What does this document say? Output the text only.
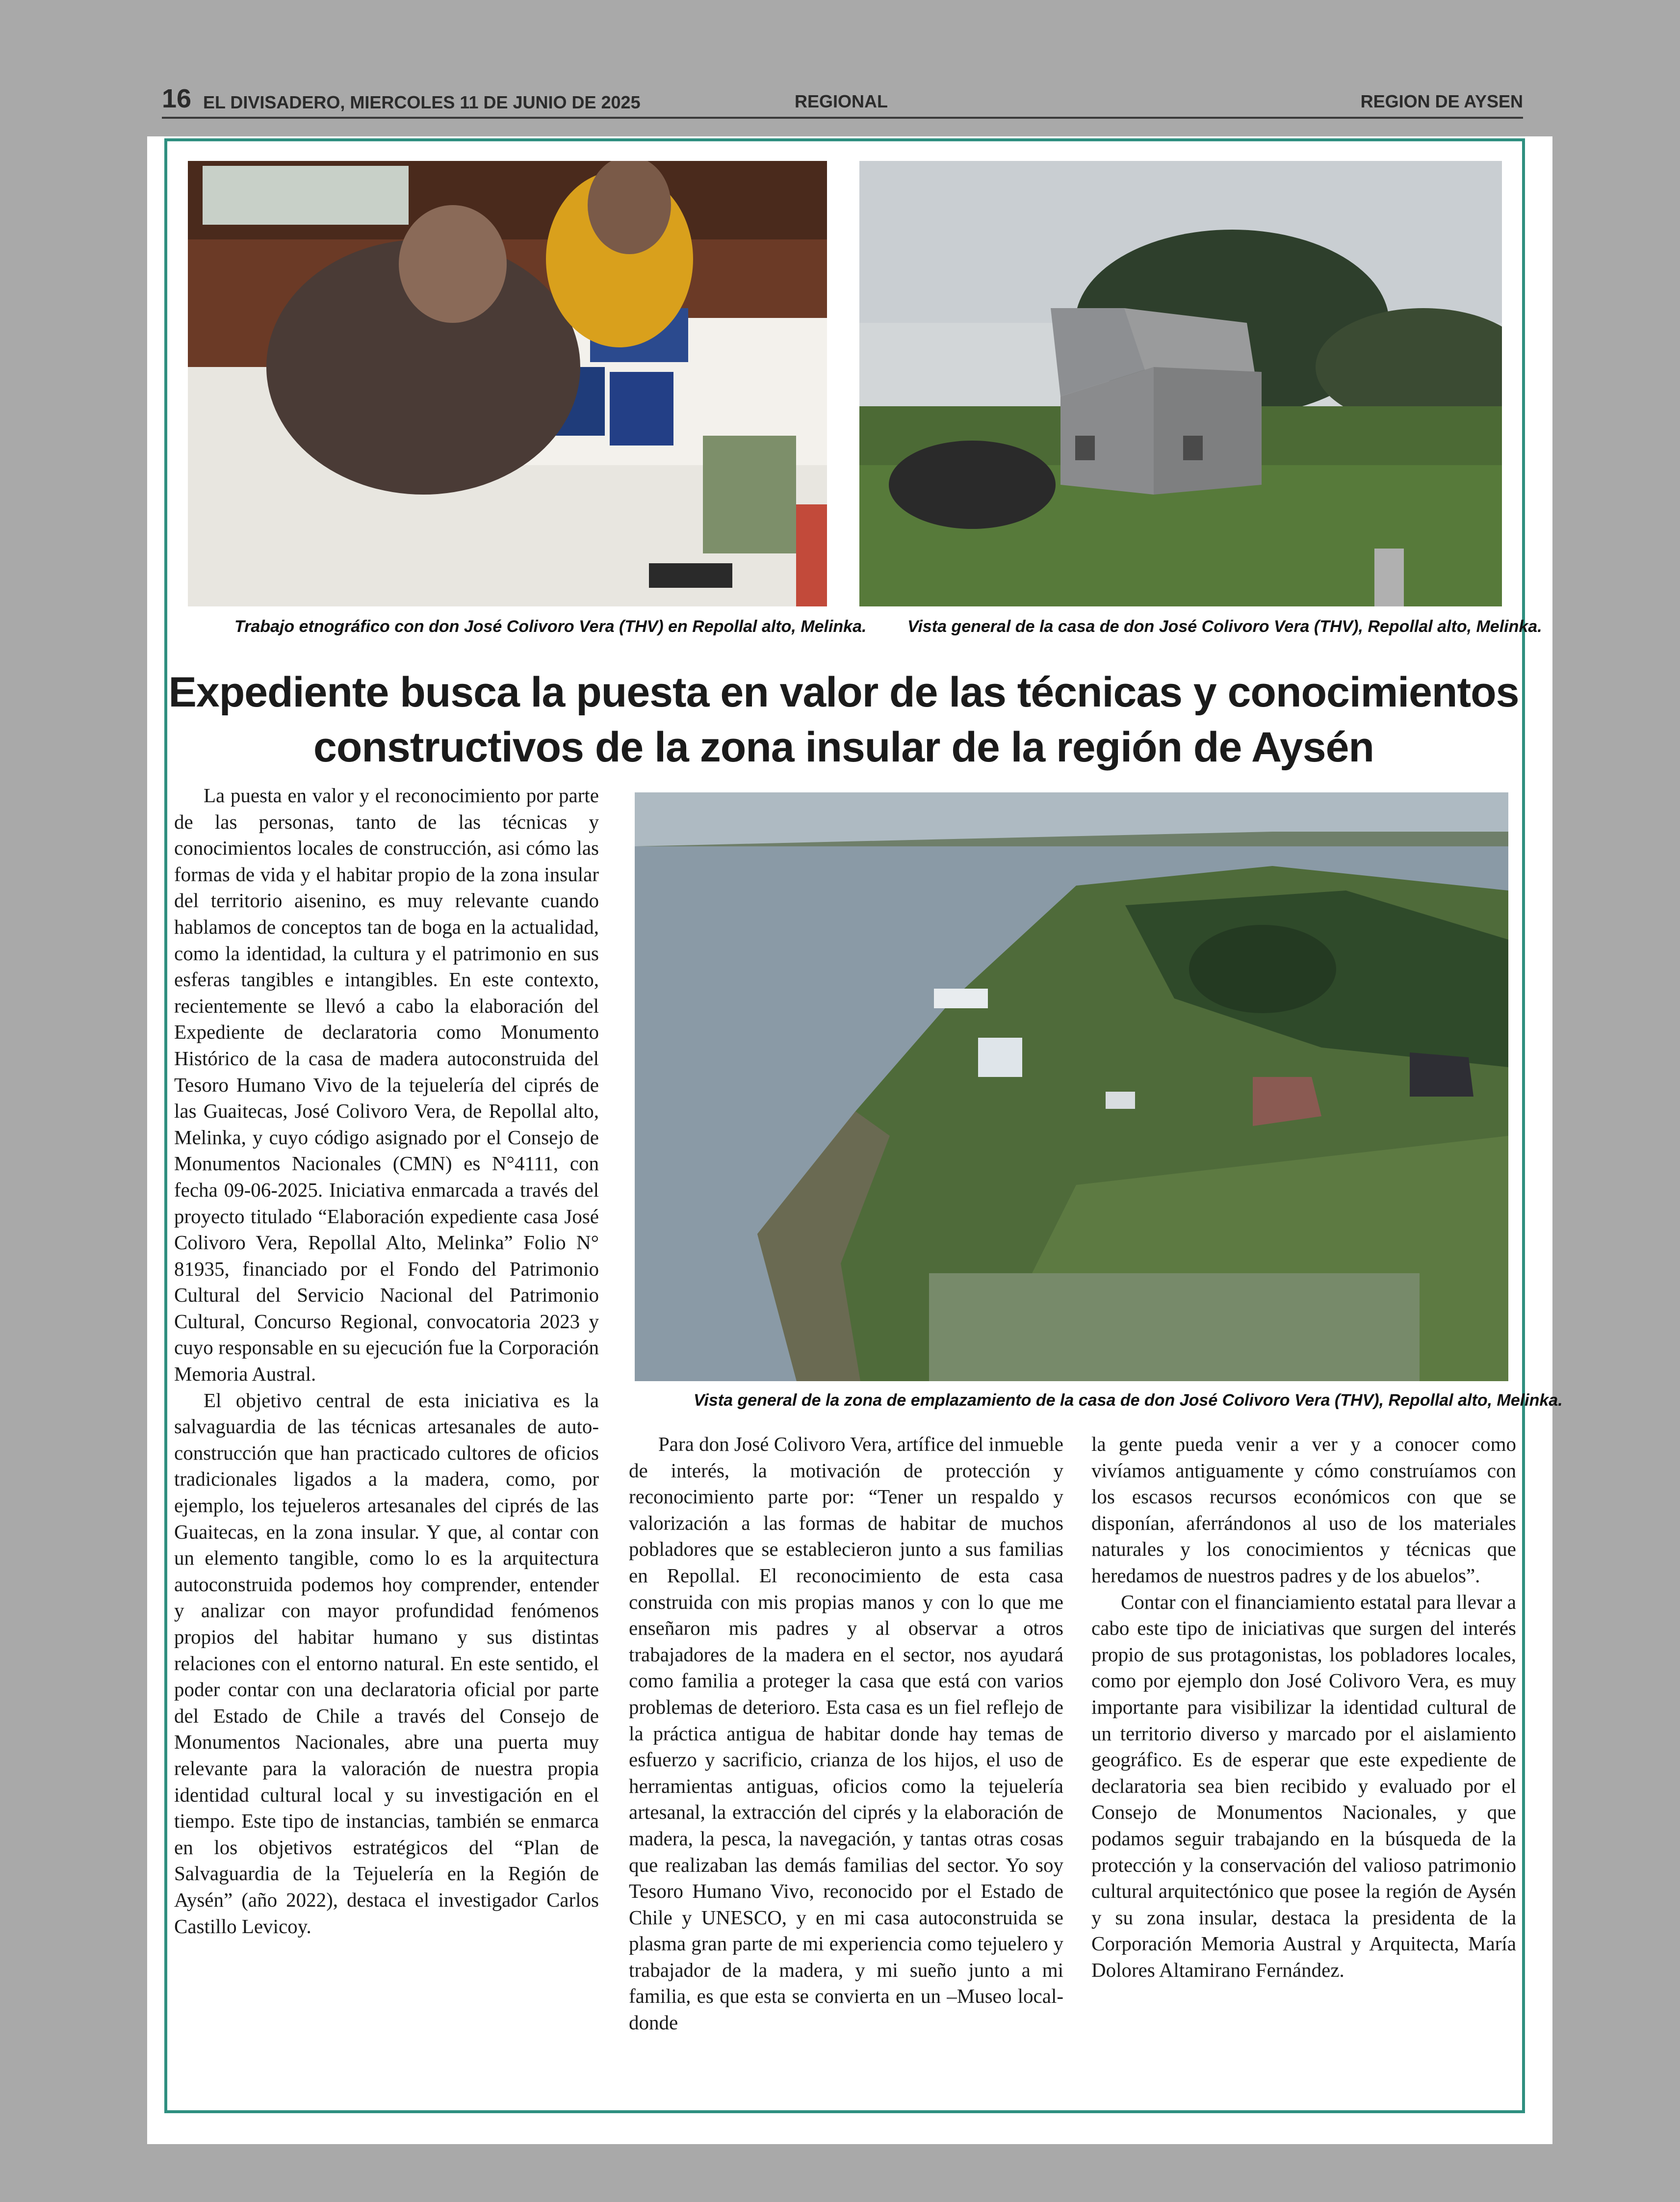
16 EL DIVISADERO, MIERCOLES 11 DE JUNIO DE 2025	REGIONAL	REGION DE AYSEN
Trabajo etnográfico con don José Colivoro Vera (THV) en Repollal alto, Melinka. Vista general de la casa de don José Colivoro Vera (THV), Repollal alto, Melinka.
Expediente busca la puesta en valor de las técnicas y conocimientos
constructivos de la zona insular de la región de Aysén
Vista general de la zona de emplazamiento de la casa de don José Colivoro Vera (THV), Repollal alto, Melinka.

La puesta en valor y el reconocimiento por parte de las personas, tanto de las técnicas y conocimientos locales de construcción, asi cómo las formas de vida y el habitar propio de la zona insular del territorio aisenino, es muy relevante cuando hablamos de conceptos tan de boga en la actualidad, como la identidad, la cultura y el patrimonio en sus esferas tangibles e intangibles. En este contexto, recientemente se llevó a cabo la elaboración del Expediente de declaratoria como Monumento Histórico de la casa de madera autoconstruida del Tesoro Humano Vivo de la tejuelería del ciprés de las Guaitecas, José Colivoro Vera, de Repollal alto, Melinka, y cuyo código asignado por el Consejo de Monumentos Nacionales (CMN) es N°4111, con fecha 09-06-2025. Iniciativa enmarcada a través del proyecto titulado “Elaboración expediente casa José Colivoro Vera, Repollal Alto, Melinka” Folio N° 81935, financiado por el Fondo del Patrimonio Cultural del Servicio Nacional del Patrimonio Cultural, Concurso Regional, convocatoria 2023 y cuyo responsable en su ejecución fue la Corporación Memoria Austral.

El objetivo central de esta iniciativa es la salvaguardia de las técnicas artesanales de auto-construcción que han practicado cultores de oficios tradicionales ligados a la madera, como, por ejemplo, los tejueleros artesanales del ciprés de las Guaitecas, en la zona insular. Y que, al contar con un elemento tangible, como lo es la arquitectura autoconstruida podemos hoy comprender, entender y analizar con mayor profundidad fenómenos propios del habitar humano y sus distintas relaciones con el entorno natural. En este sentido, el poder contar con una declaratoria oficial por parte del Estado de Chile a través del Consejo de Monumentos Nacionales, abre una puerta muy relevante para la valoración de nuestra propia identidad cultural local y su investigación en el tiempo. Este tipo de instancias, también se enmarca en los objetivos estratégicos del “Plan de Salvaguardia de la Tejuelería en la Región de Aysén” (año 2022), destaca el investigador Carlos Castillo Levicoy.

Para don José Colivoro Vera, artífice del inmueble de interés, la motivación de protección y reconocimiento parte por: “Tener un respaldo y valorización a las formas de habitar de muchos pobladores que se establecieron junto a sus familias en Repollal. El reconocimiento de esta casa construida con mis propias manos y con lo que me enseñaron mis padres y al observar a otros trabajadores de la madera en el sector, nos ayudará como familia a proteger la casa que está con varios problemas de deterioro. Esta casa es un fiel reflejo de la práctica antigua de habitar donde hay temas de esfuerzo y sacrificio, crianza de los hijos, el uso de herramientas antiguas, oficios como la tejuelería artesanal, la extracción del ciprés y la elaboración de madera, la pesca, la navegación, y tantas otras cosas que realizaban las demás familias del sector. Yo soy Tesoro Humano Vivo, reconocido por el Estado de Chile y UNESCO, y en mi casa autoconstruida se plasma gran parte de mi experiencia como tejuelero y trabajador de la madera, y mi sueño junto a mi familia, es que esta se convierta en un –Museo local- donde

la gente pueda venir a ver y a conocer como vivíamos antiguamente y cómo construíamos con los escasos recursos económicos con que se disponían, aferrándonos al uso de los materiales naturales y los conocimientos y técnicas que heredamos de nuestros padres y de los abuelos”.

Contar con el financiamiento estatal para llevar a cabo este tipo de iniciativas que surgen del interés propio de sus protagonistas, los pobladores locales, como por ejemplo don José Colivoro Vera, es muy importante para visibilizar la identidad cultural de un territorio diverso y marcado por el aislamiento geográfico. Es de esperar que este expediente de declaratoria sea bien recibido y evaluado por el Consejo de Monumentos Nacionales, y que podamos seguir trabajando en la búsqueda de la protección y la conservación del valioso patrimonio cultural arquitectónico que posee la región de Aysén y su zona insular, destaca la presidenta de la Corporación Memoria Austral y Arquitecta, María Dolores Altamirano Fernández.
